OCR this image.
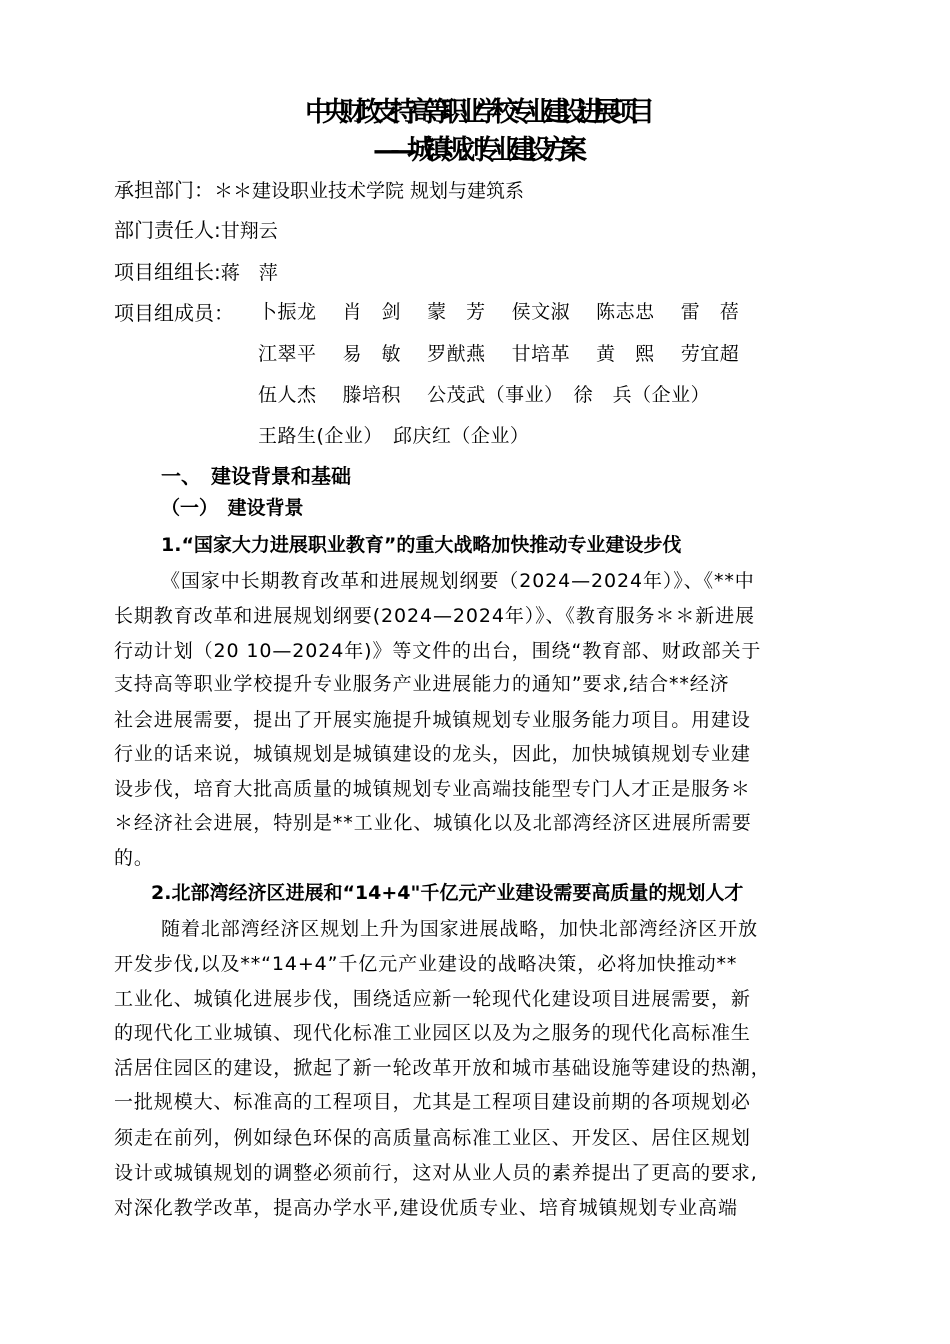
中央财政支持高等职业学校专业建设进展项目
——城镇规划专业建设方案
承担部门：＊＊建设职业技术学院 规划与建筑系
部门责任人:甘翔云
项目组组长:蒋　萍
项目组成员： 卜振龙　 肖　剑　 蒙　芳　 侯文淑　 陈志忠　 雷　蓓
江翠平　 易　敏　 罗猷燕　 甘培革　 黄　熙　 劳宜超
伍人杰　 滕培积　 公茂武（事业）　徐　兵（企业）
王路生(企业）　邱庆红（企业）
一、　建设背景和基础
（一）　建设背景
1.“国家大力进展职业教育”的重大战略加快推动专业建设步伐
《国家中长期教育改革和进展规划纲要（2024—2024年）》、《**中
长期教育改革和进展规划纲要(2024—2024年）》、《教育服务＊＊新进展
行动计划（20 10—2024年)》等文件的出台，围绕“教育部、财政部关于
支持高等职业学校提升专业服务产业进展能力的通知”要求,结合**经济
社会进展需要，提出了开展实施提升城镇规划专业服务能力项目。用建设
行业的话来说，城镇规划是城镇建设的龙头，因此，加快城镇规划专业建
设步伐，培育大批高质量的城镇规划专业高端技能型专门人才正是服务＊
＊经济社会进展，特别是**工业化、城镇化以及北部湾经济区进展所需要
的。
2.北部湾经济区进展和“14+4"千亿元产业建设需要高质量的规划人才
随着北部湾经济区规划上升为国家进展战略，加快北部湾经济区开放
开发步伐,以及**“14+4”千亿元产业建设的战略决策，必将加快推动**
工业化、城镇化进展步伐，围绕适应新一轮现代化建设项目进展需要，新
的现代化工业城镇、现代化标准工业园区以及为之服务的现代化高标准生
活居住园区的建设，掀起了新一轮改革开放和城市基础设施等建设的热潮，
一批规模大、标准高的工程项目，尤其是工程项目建设前期的各项规划必
须走在前列，例如绿色环保的高质量高标准工业区、开发区、居住区规划
设计或城镇规划的调整必须前行，这对从业人员的素养提出了更高的要求,
对深化教学改革，提高办学水平,建设优质专业、培育城镇规划专业高端
